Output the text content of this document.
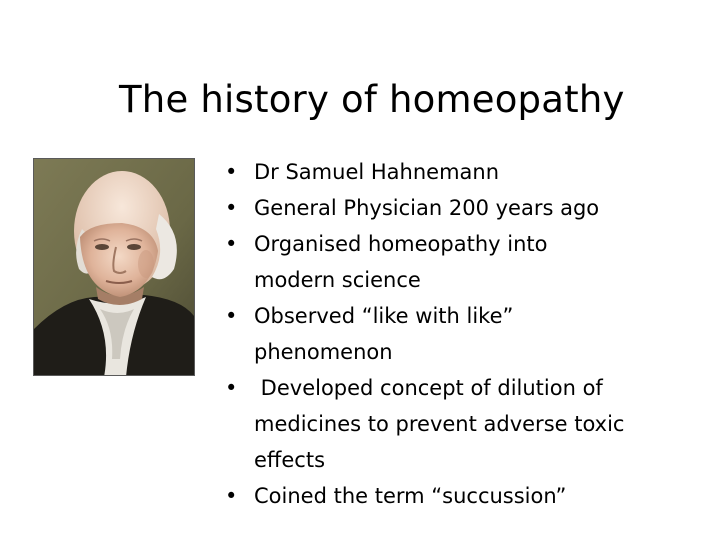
The history of homeopathy
• Dr Samuel Hahnemann
• General Physician 200 years ago
• Organised homeopathy into
modern science
• Observed “like with like”
phenomenon
• Developed concept of dilution of
medicines to prevent adverse toxic
effects
• Coined the term “succussion”
